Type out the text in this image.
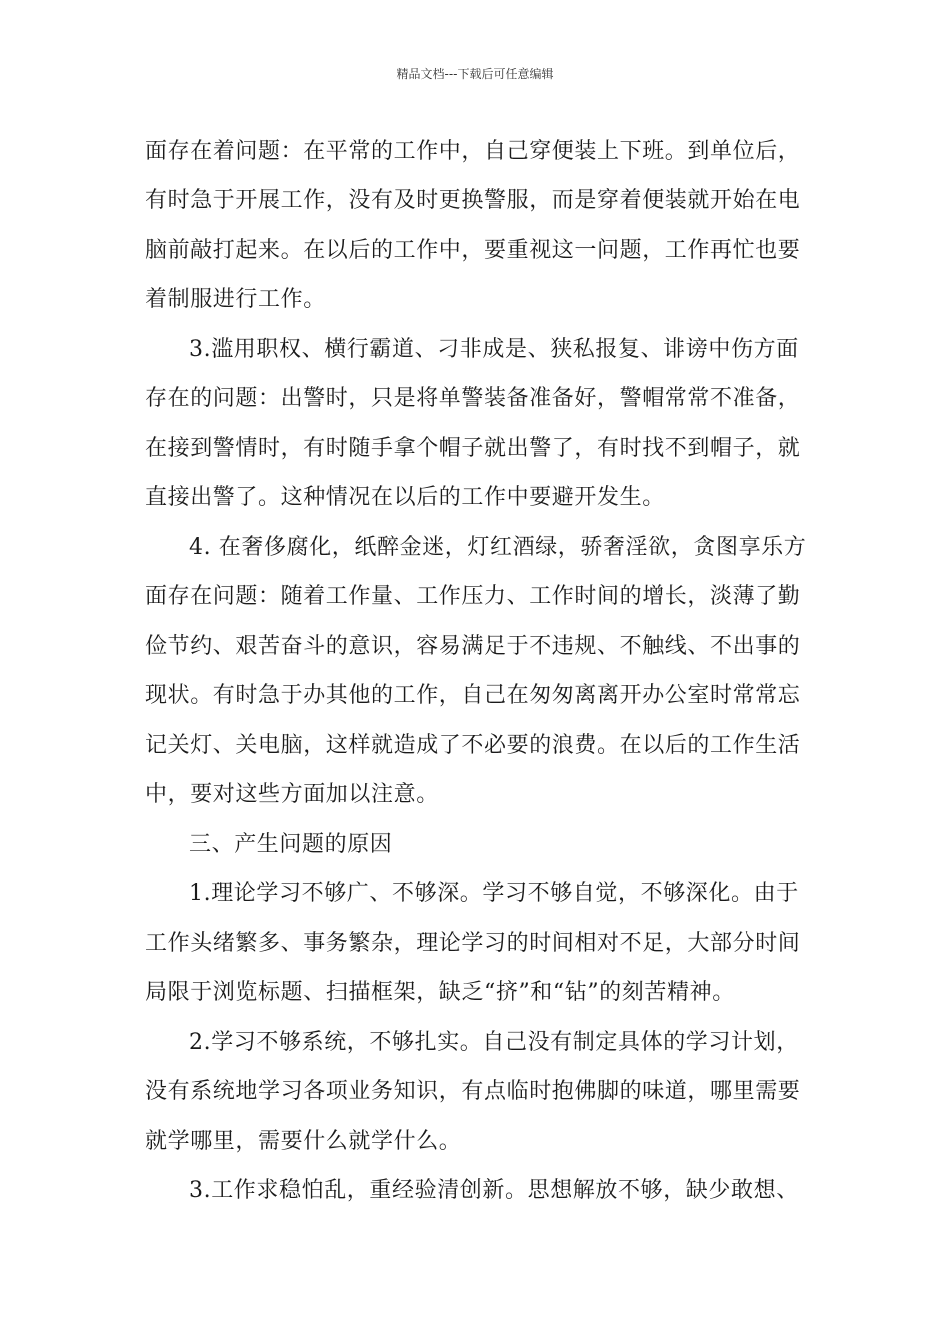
精品文档---下载后可任意编辑
面存在着问题：在平常的工作中，自己穿便装上下班。到单位后，
有时急于开展工作，没有及时更换警服，而是穿着便装就开始在电
脑前敲打起来。在以后的工作中，要重视这一问题，工作再忙也要
着制服进行工作。
3.滥用职权、横行霸道、刁非成是、狭私报复、诽谤中伤方面
存在的问题：出警时，只是将单警装备准备好，警帽常常不准备，
在接到警情时，有时随手拿个帽子就出警了，有时找不到帽子，就
直接出警了。这种情况在以后的工作中要避开发生。
4. 在奢侈腐化，纸醉金迷，灯红酒绿，骄奢淫欲，贪图享乐方
面存在问题：随着工作量、工作压力、工作时间的增长，淡薄了勤
俭节约、艰苦奋斗的意识，容易满足于不违规、不触线、不出事的
现状。有时急于办其他的工作，自己在匆匆离离开办公室时常常忘
记关灯、关电脑，这样就造成了不必要的浪费。在以后的工作生活
中，要对这些方面加以注意。
三、产生问题的原因
1.理论学习不够广、不够深。学习不够自觉，不够深化。由于
工作头绪繁多、事务繁杂，理论学习的时间相对不足，大部分时间
局限于浏览标题、扫描框架，缺乏“挤”和“钻”的刻苦精神。
2.学习不够系统，不够扎实。自己没有制定具体的学习计划，
没有系统地学习各项业务知识，有点临时抱佛脚的味道，哪里需要
就学哪里，需要什么就学什么。
3.工作求稳怕乱，重经验清创新。思想解放不够，缺少敢想、
